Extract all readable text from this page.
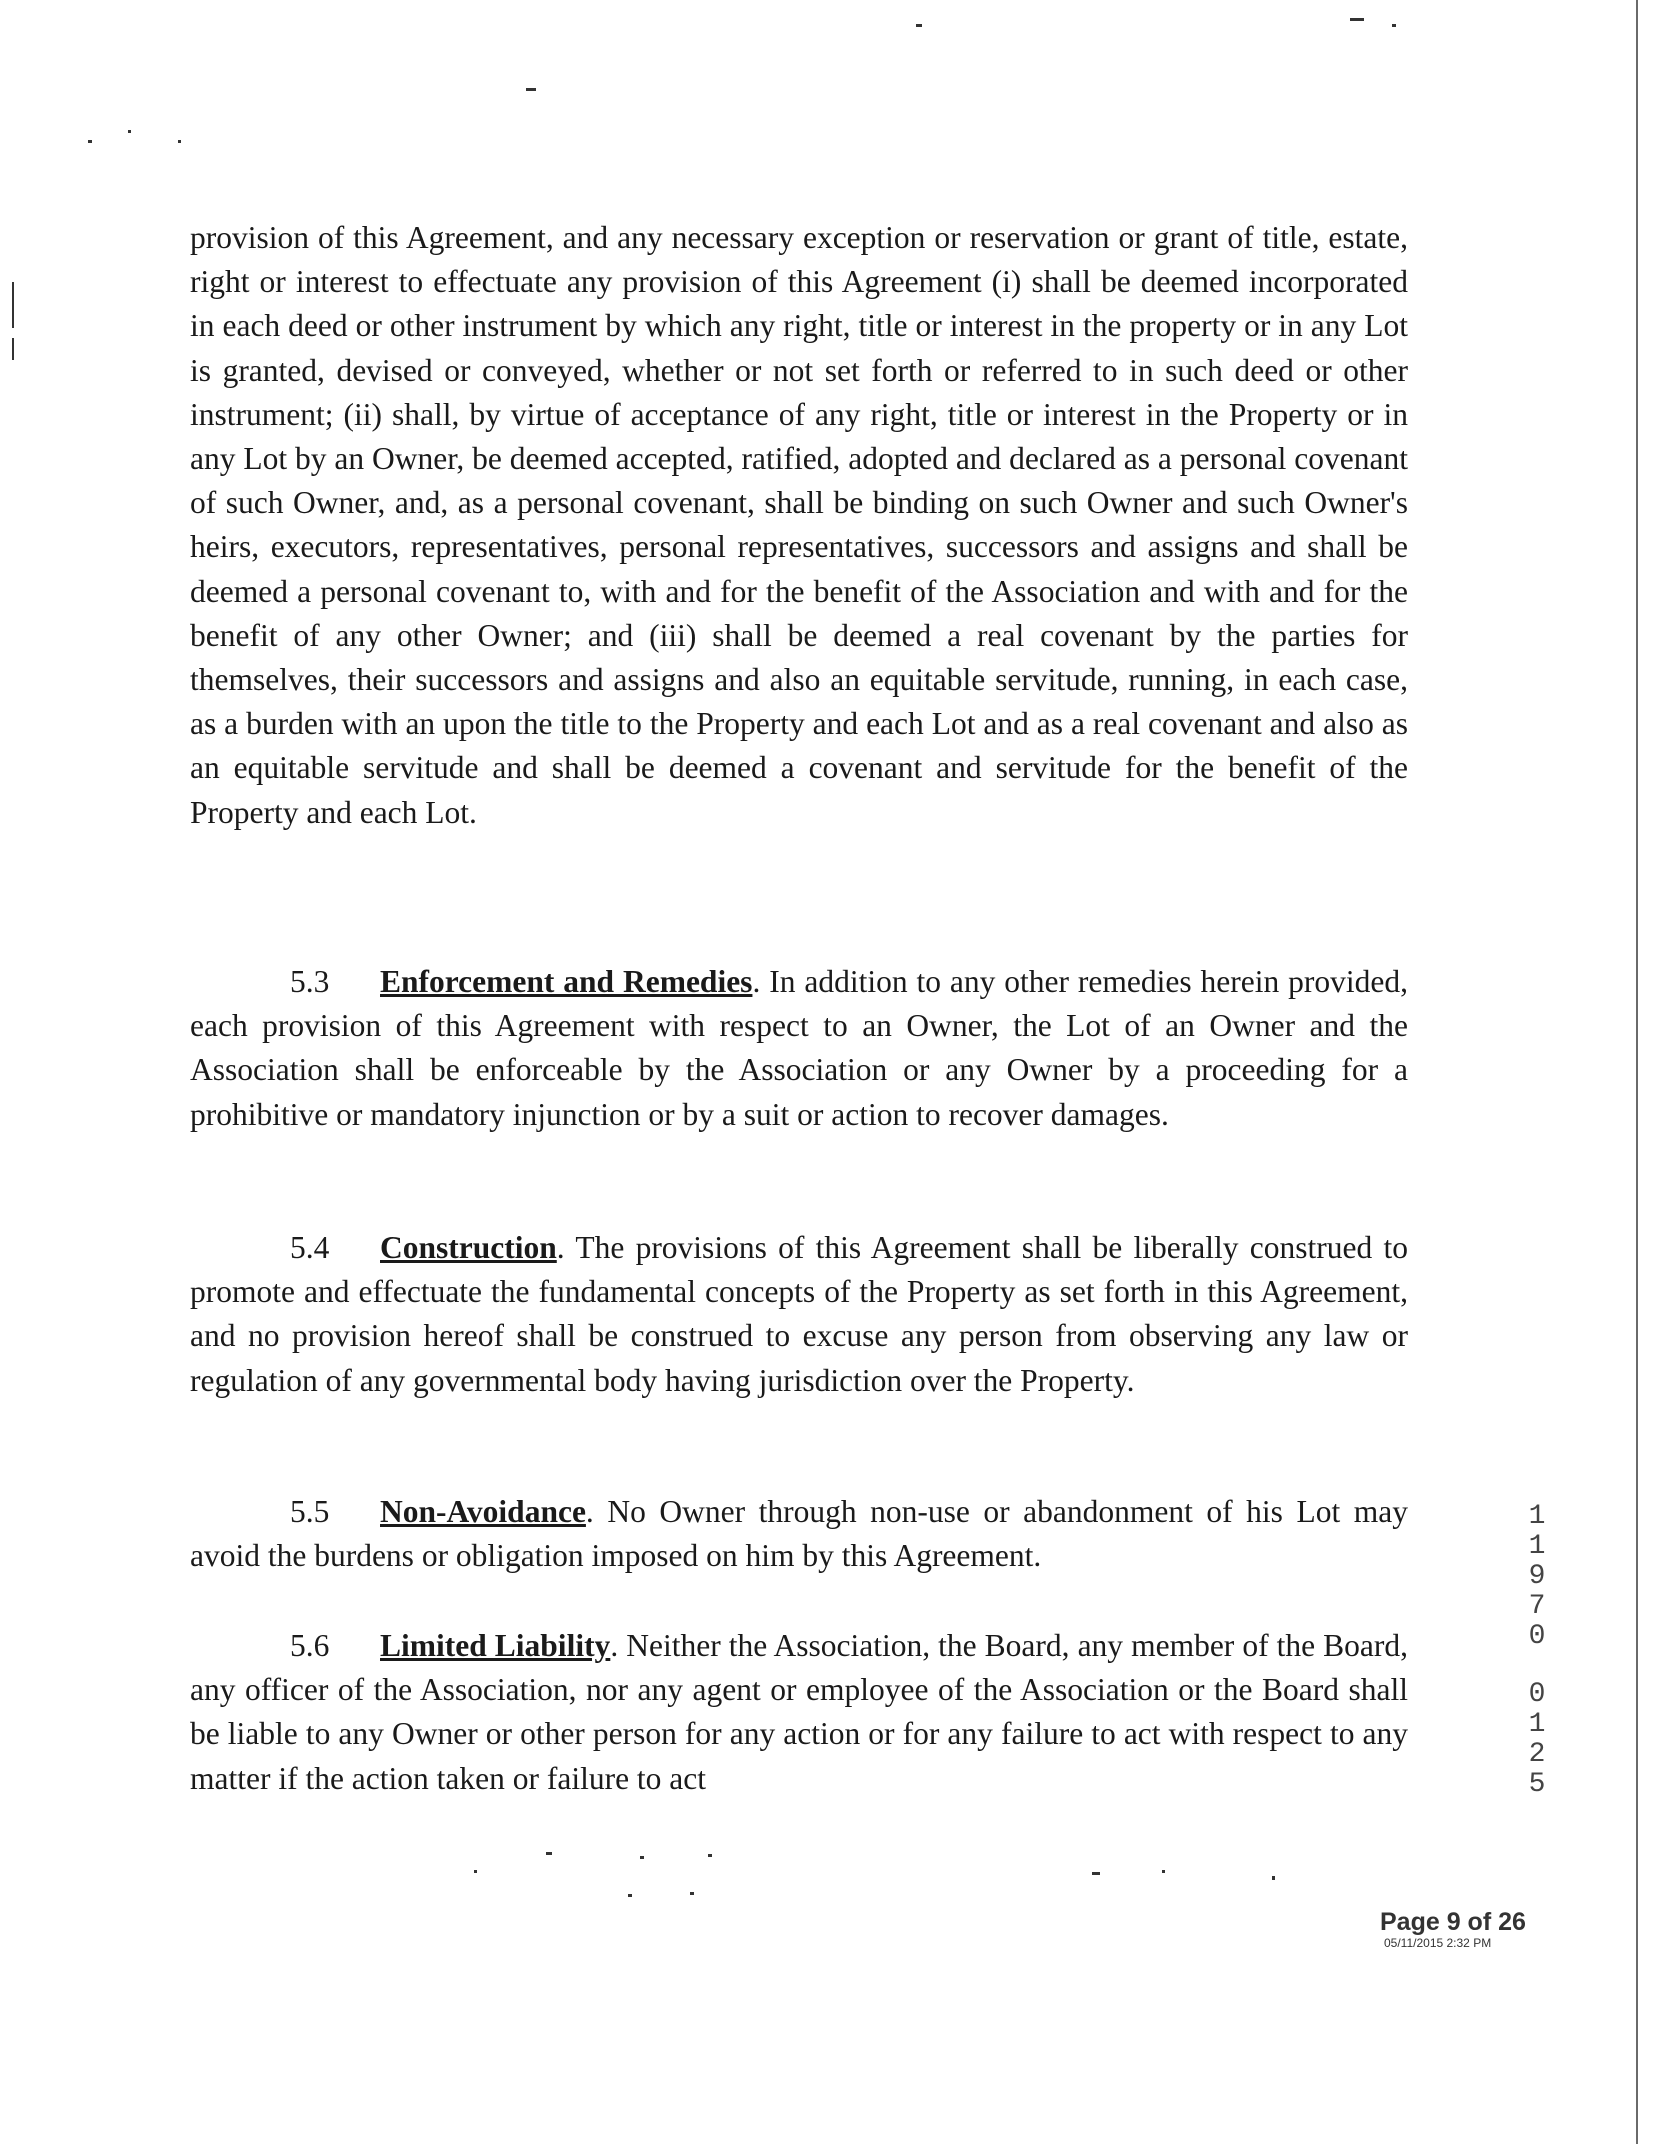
provision of this Agreement, and any necessary exception or reservation or grant of title, estate, right or interest to effectuate any provision of this Agreement (i) shall be deemed incorporated in each deed or other instrument by which any right, title or interest in the property or in any Lot is granted, devised or conveyed, whether or not set forth or referred to in such deed or other instrument; (ii) shall, by virtue of acceptance of any right, title or interest in the Property or in any Lot by an Owner, be deemed accepted, ratified, adopted and declared as a personal covenant of such Owner, and, as a personal covenant, shall be binding on such Owner and such Owner's heirs, executors, representatives, personal representatives, successors and assigns and shall be deemed a personal covenant to, with and for the benefit of the Association and with and for the benefit of any other Owner; and (iii) shall be deemed a real covenant by the parties for themselves, their successors and assigns and also an equitable servitude, running, in each case, as a burden with an upon the title to the Property and each Lot and as a real covenant and also as an equitable servitude and shall be deemed a covenant and servitude for the benefit of the Property and each Lot.

5.3 Enforcement and Remedies. In addition to any other remedies herein provided, each provision of this Agreement with respect to an Owner, the Lot of an Owner and the Association shall be enforceable by the Association or any Owner by a proceeding for a prohibitive or mandatory injunction or by a suit or action to recover damages.

5.4 Construction. The provisions of this Agreement shall be liberally construed to promote and effectuate the fundamental concepts of the Property as set forth in this Agreement, and no provision hereof shall be construed to excuse any person from observing any law or regulation of any governmental body having jurisdiction over the Property.

5.5 Non-Avoidance. No Owner through non-use or abandonment of his Lot may avoid the burdens or obligation imposed on him by this Agreement.

5.6 Limited Liability. Neither the Association, the Board, any member of the Board, any officer of the Association, nor any agent or employee of the Association or the Board shall be liable to any Owner or other person for any action or for any failure to act with respect to any matter if the action taken or failure to act

1
1
9
7
0
0
1
2
5
Page 9 of 26
05/11/2015 2:32 PM
